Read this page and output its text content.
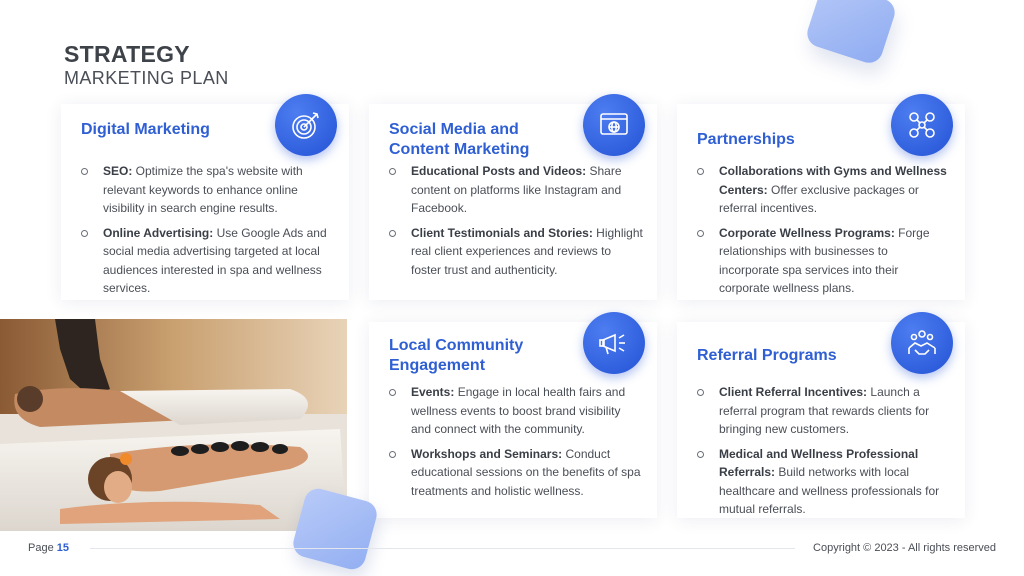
STRATEGY
MARKETING PLAN
Digital Marketing
SEO: Optimize the spa's website with relevant keywords to enhance online visibility in search engine results.
Online Advertising: Use Google Ads and social media advertising targeted at local audiences interested in spa and wellness services.
Social Media and Content Marketing
Educational Posts and Videos: Share content on platforms like Instagram and Facebook.
Client Testimonials and Stories: Highlight real client experiences and reviews to foster trust and authenticity.
Partnerships
Collaborations with Gyms and Wellness Centers: Offer exclusive packages or referral incentives.
Corporate Wellness Programs: Forge relationships with businesses to incorporate spa services into their corporate wellness plans.
Local Community Engagement
Events: Engage in local health fairs and wellness events to boost brand visibility and connect with the community.
Workshops and Seminars: Conduct educational sessions on the benefits of spa treatments and holistic wellness.
Referral Programs
Client Referral Incentives: Launch a referral program that rewards clients for bringing new customers.
Medical and Wellness Professional Referrals: Build networks with local healthcare and wellness professionals for mutual referrals.
Page 15	Copyright © 2023 - All rights reserved
